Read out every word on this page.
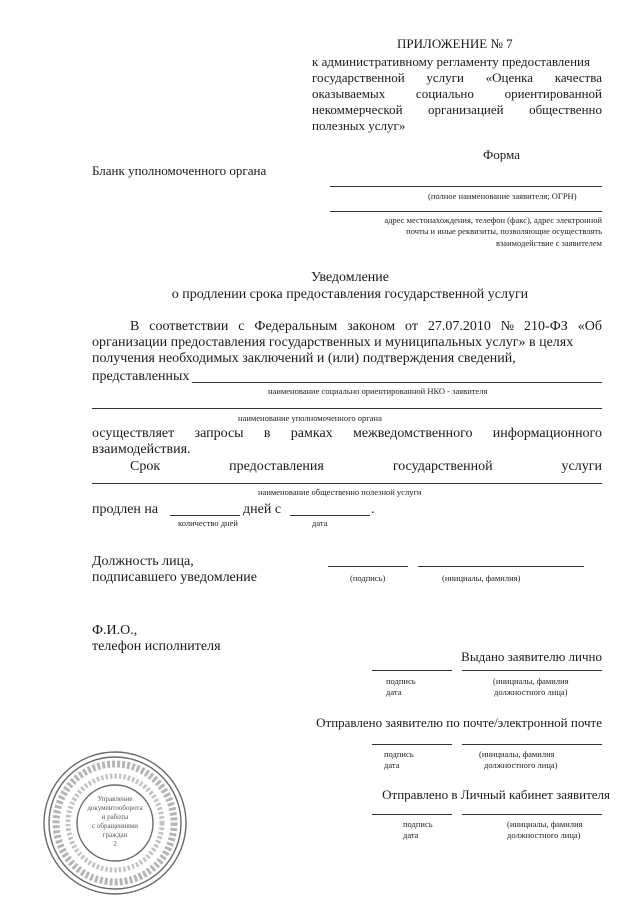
ПРИЛОЖЕНИЕ № 7
к административному регламенту предоставления
государственной услуги «Оценка качества
оказываемых социально ориентированной
некоммерческой организацией общественно
полезных услуг»
Форма
Бланк уполномоченного органа
(полное наименование заявителя; ОГРН)
адрес местонахождения, телефон (факс), адрес электронной
почты и иные реквизиты, позволяющие осуществлять
взаимодействие с заявителем
Уведомление
о продлении срока предоставления государственной услуги
В соответствии с Федеральным законом от 27.07.2010 № 210-ФЗ «Об
организации предоставления государственных и муниципальных услуг» в целях
получения необходимых заключений и (или) подтверждения сведений,
представленных
наименование социально ориентированной НКО - заявителя
наименование уполномоченного органа
осуществляет запросы в рамках межведомственного информационного
взаимодействия.
Срок	предоставления	государственной	услуги
наименование общественно полезной услуги
продлен на	дней с	.
количество дней	дата
Должность лица,
подписавшего уведомление	(подпись)	(инициалы, фамилия)
Ф.И.О.,
телефон исполнителя
Выдано заявителю лично
подпись
дата
(инициалы, фамилия
должностного лица)
Отправлено заявителю по почте/электронной почте
подпись
дата
(инициалы, фамилия
должностного лица)
Отправлено в Личный кабинет заявителя
подпись
дата
(инициалы, фамилия
должностного лица)
Управление
документооборота
и работы
с обращениями
граждан
2
